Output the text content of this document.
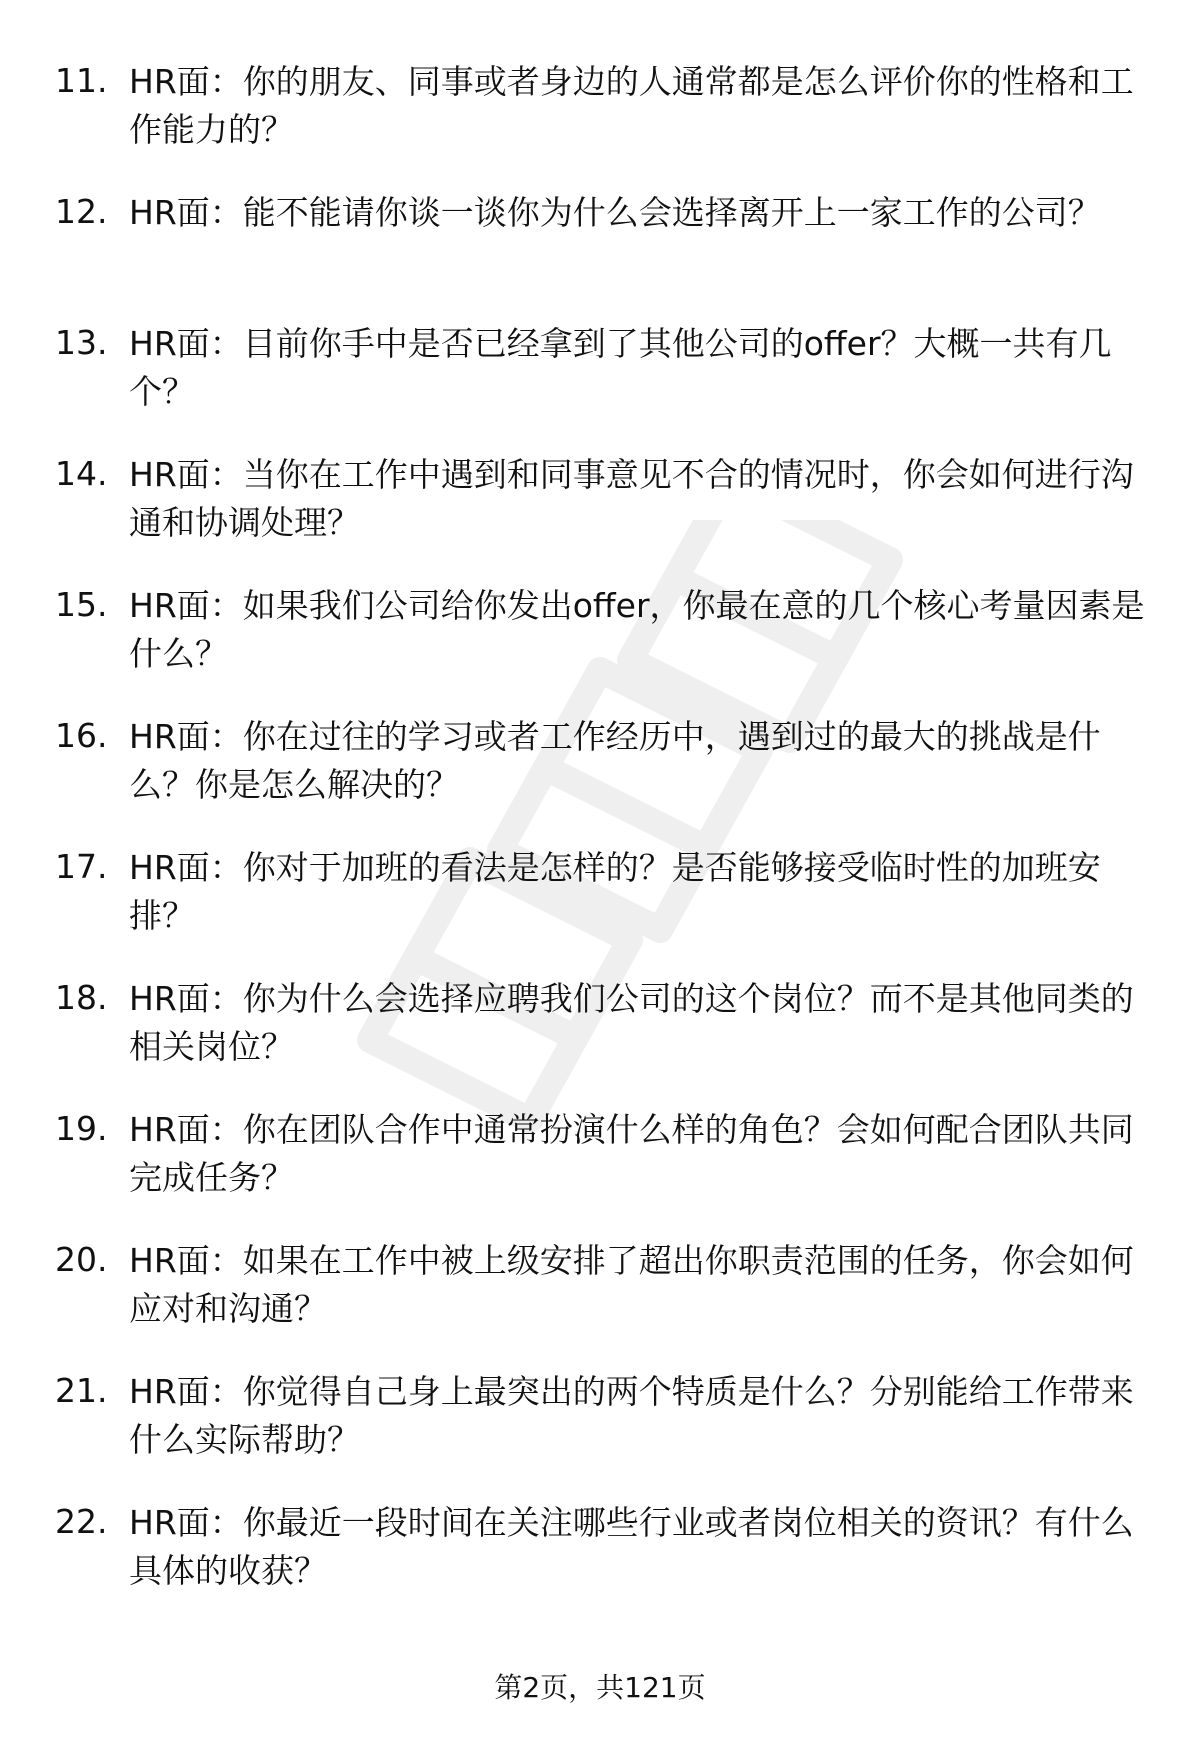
11. HR面：你的朋友、同事或者身边的人通常都是怎么评价你的性格和工作能力的？
12. HR面：能不能请你谈一谈你为什么会选择离开上一家工作的公司？
13. HR面：目前你手中是否已经拿到了其他公司的offer？大概一共有几个？
14. HR面：当你在工作中遇到和同事意见不合的情况时，你会如何进行沟通和协调处理？
15. HR面：如果我们公司给你发出offer，你最在意的几个核心考量因素是什么？
16. HR面：你在过往的学习或者工作经历中，遇到过的最大的挑战是什么？你是怎么解决的？
17. HR面：你对于加班的看法是怎样的？是否能够接受临时性的加班安排？
18. HR面：你为什么会选择应聘我们公司的这个岗位？而不是其他同类的相关岗位？
19. HR面：你在团队合作中通常扮演什么样的角色？会如何配合团队共同完成任务？
20. HR面：如果在工作中被上级安排了超出你职责范围的任务，你会如何应对和沟通？
21. HR面：你觉得自己身上最突出的两个特质是什么？分别能给工作带来什么实际帮助？
22. HR面：你最近一段时间在关注哪些行业或者岗位相关的资讯？有什么具体的收获？
第2页，共121页
